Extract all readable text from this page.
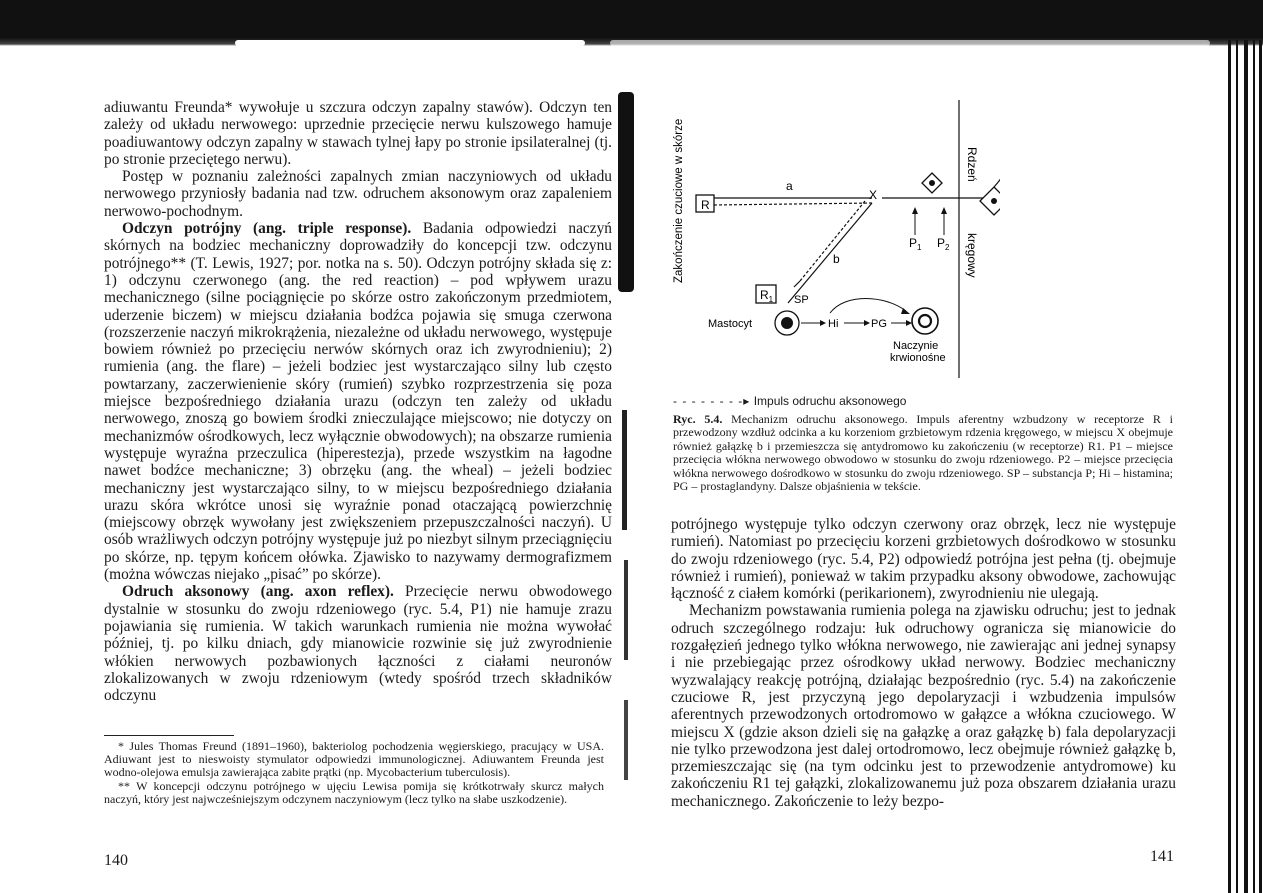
adiuwantu Freunda* wywołuje u szczura odczyn zapalny stawów). Odczyn ten zależy od układu nerwowego: uprzednie przecięcie nerwu kulszowego hamuje poadiuwantowy odczyn zapalny w stawach tylnej łapy po stronie ipsilateralnej (tj. po stronie przeciętego nerwu).

Postęp w poznaniu zależności zapalnych zmian naczyniowych od układu nerwowego przyniosły badania nad tzw. odruchem aksonowym oraz zapaleniem nerwowo-pochodnym.

Odczyn potrójny (ang. triple response). Badania odpowiedzi naczyń skórnych na bodziec mechaniczny doprowadziły do koncepcji tzw. odczynu potrójnego** (T. Lewis, 1927; por. notka na s. 50). Odczyn potrójny składa się z: 1) odczynu czerwonego (ang. the red reaction) – pod wpływem urazu mechanicznego (silne pociągnięcie po skórze ostro zakończonym przedmiotem, uderzenie biczem) w miejscu działania bodźca pojawia się smuga czerwona (rozszerzenie naczyń mikrokrążenia, niezależne od układu nerwowego, występuje bowiem również po przecięciu nerwów skórnych oraz ich zwyrodnieniu); 2) rumienia (ang. the flare) – jeżeli bodziec jest wystarczająco silny lub często powtarzany, zaczerwienienie skóry (rumień) szybko rozprzestrzenia się poza miejsce bezpośredniego działania urazu (odczyn ten zależy od układu nerwowego, znoszą go bowiem środki znieczulające miejscowo; nie dotyczy on mechanizmów ośrodkowych, lecz wyłącznie obwodowych); na obszarze rumienia występuje wyraźna przeczulica (hiperestezja), przede wszystkim na łagodne nawet bodźce mechaniczne; 3) obrzęku (ang. the wheal) – jeżeli bodziec mechaniczny jest wystarczająco silny, to w miejscu bezpośredniego działania urazu skóra wkrótce unosi się wyraźnie ponad otaczającą powierzchnię (miejscowy obrzęk wywołany jest zwiększeniem przepuszczalności naczyń). U osób wrażliwych odczyn potrójny występuje już po niezbyt silnym przeciągnięciu po skórze, np. tępym końcem ołówka. Zjawisko to nazywamy dermografizmem (można wówczas niejako „pisać” po skórze).

Odruch aksonowy (ang. axon reflex). Przecięcie nerwu obwodowego dystalnie w stosunku do zwoju rdzeniowego (ryc. 5.4, P1) nie hamuje zrazu pojawiania się rumienia. W takich warunkach rumienia nie można wywołać później, tj. po kilku dniach, gdy mianowicie rozwinie się już zwyrodnienie włókien nerwowych pozbawionych łączności z ciałami neuronów zlokalizowanych w zwoju rdzeniowym (wtedy spośród trzech składników odczynu

* Jules Thomas Freund (1891–1960), bakteriolog pochodzenia węgierskiego, pracujący w USA. Adiuwant jest to nieswoisty stymulator odpowiedzi immunologicznej. Adiuwantem Freunda jest wodno-olejowa emulsja zawierająca zabite prątki (np. Mycobacterium tuberculosis).

** W koncepcji odczynu potrójnego w ujęciu Lewisa pomija się krótkotrwały skurcz małych naczyń, który jest najwcześniejszym odczynem naczyniowym (lecz tylko na słabe uszkodzenie).

140
Zakończenie czuciowe w skórze	Rdzeń
kręgowy
R
a
X
b
$P_1$ $P_2$
$R_1$ SP
Mastocyt	Hi	PG
Naczynie
krwionośne
- - - - - - - -▸ Impuls odruchu aksonowego

Ryc. 5.4. Mechanizm odruchu aksonowego. Impuls aferentny wzbudzony w receptorze R i przewodzony wzdłuż odcinka a ku korzeniom grzbietowym rdzenia kręgowego, w miejscu X obejmuje również gałązkę b i przemieszcza się antydromowo ku zakończeniu (w receptorze) R1. P1 – miejsce przecięcia włókna nerwowego obwodowo w stosunku do zwoju rdzeniowego. P2 – miejsce przecięcia włókna nerwowego dośrodkowo w stosunku do zwoju rdzeniowego. SP – substancja P; Hi – histamina; PG – prostaglandyny. Dalsze objaśnienia w tekście.

potrójnego występuje tylko odczyn czerwony oraz obrzęk, lecz nie występuje rumień). Natomiast po przecięciu korzeni grzbietowych dośrodkowo w stosunku do zwoju rdzeniowego (ryc. 5.4, P2) odpowiedź potrójna jest pełna (tj. obejmuje również i rumień), ponieważ w takim przypadku aksony obwodowe, zachowując łączność z ciałem komórki (perikarionem), zwyrodnieniu nie ulegają.

Mechanizm powstawania rumienia polega na zjawisku odruchu; jest to jednak odruch szczególnego rodzaju: łuk odruchowy ogranicza się mianowicie do rozgałęzień jednego tylko włókna nerwowego, nie zawierając ani jednej synapsy i nie przebiegając przez ośrodkowy układ nerwowy. Bodziec mechaniczny wyzwalający reakcję potrójną, działając bezpośrednio (ryc. 5.4) na zakończenie czuciowe R, jest przyczyną jego depolaryzacji i wzbudzenia impulsów aferentnych przewodzonych ortodromowo w gałązce a włókna czuciowego. W miejscu X (gdzie akson dzieli się na gałązkę a oraz gałązkę b) fala depolaryzacji nie tylko przewodzona jest dalej ortodromowo, lecz obejmuje również gałązkę b, przemieszczając się (na tym odcinku jest to przewodzenie antydromowe) ku zakończeniu R1 tej gałązki, zlokalizowanemu już poza obszarem działania urazu mechanicznego. Zakończenie to leży bezpo-

141
